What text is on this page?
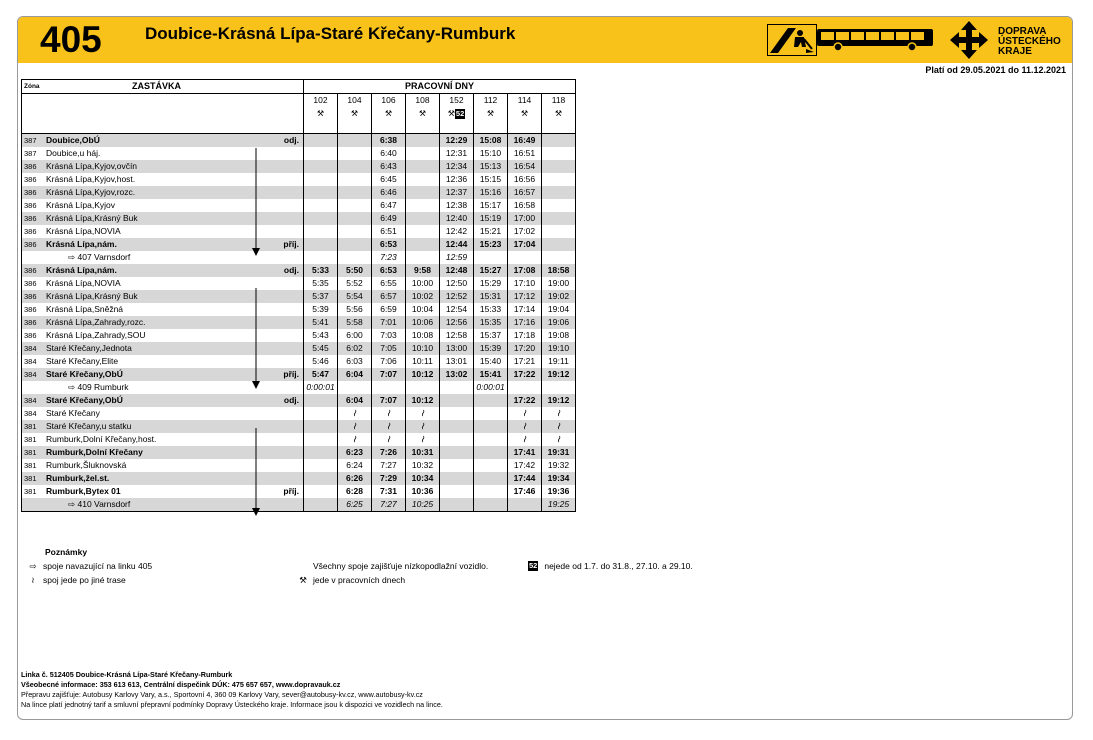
405	Doubice-Krásná Lípa-Staré Křečany-Rumburk	DOPRAVA
ÚSTECKÉHO
KRAJE
Platí od 29.05.2021 do 11.12.2021
Zóna	ZASTÁVKA		PRACOVNÍ DNY							
			102	104	106	108	152	112	114	118
			⚒	⚒	⚒	⚒	⚒52	⚒	⚒	⚒

387	Doubice,ObÚ	odj.			6:38		12:29	15:08	16:49	
387	Doubice,u háj.				6:40		12:31	15:10	16:51	
386	Krásná Lípa,Kyjov,ovčín				6:43		12:34	15:13	16:54	
386	Krásná Lípa,Kyjov,host.				6:45		12:36	15:15	16:56	
386	Krásná Lípa,Kyjov,rozc.				6:46		12:37	15:16	16:57	
386	Krásná Lípa,Kyjov				6:47		12:38	15:17	16:58	
386	Krásná Lípa,Krásný Buk				6:49		12:40	15:19	17:00	
386	Krásná Lípa,NOVIA				6:51		12:42	15:21	17:02	
386	Krásná Lípa,nám.	příj.			6:53		12:44	15:23	17:04	
	⇨ 407 Varnsdorf				7:23		12:59			
386	Krásná Lípa,nám.	odj.	5:33	5:50	6:53	9:58	12:48	15:27	17:08	18:58
386	Krásná Lípa,NOVIA		5:35	5:52	6:55	10:00	12:50	15:29	17:10	19:00
386	Krásná Lípa,Krásný Buk		5:37	5:54	6:57	10:02	12:52	15:31	17:12	19:02
386	Krásná Lípa,Sněžná		5:39	5:56	6:59	10:04	12:54	15:33	17:14	19:04
386	Krásná Lípa,Zahrady,rozc.		5:41	5:58	7:01	10:06	12:56	15:35	17:16	19:06
386	Krásná Lípa,Zahrady,SOU		5:43	6:00	7:03	10:08	12:58	15:37	17:18	19:08
384	Staré Křečany,Jednota		5:45	6:02	7:05	10:10	13:00	15:39	17:20	19:10
384	Staré Křečany,Elite		5:46	6:03	7:06	10:11	13:01	15:40	17:21	19:11
384	Staré Křečany,ObÚ	příj.	5:47	6:04	7:07	10:12	13:02	15:41	17:22	19:12
	⇨ 409 Rumburk		0:00:01					0:00:01		
384	Staré Křečany,ObÚ	odj.		6:04	7:07	10:12			17:22	19:12
384	Staré Křečany			≀	≀	≀			≀	≀
381	Staré Křečany,u statku			≀	≀	≀			≀	≀
381	Rumburk,Dolní Křečany,host.			≀	≀	≀			≀	≀
381	Rumburk,Dolní Křečany			6:23	7:26	10:31			17:41	19:31
381	Rumburk,Šluknovská			6:24	7:27	10:32			17:42	19:32
381	Rumburk,žel.st.			6:26	7:29	10:34			17:44	19:34
381	Rumburk,Bytex 01	příj.		6:28	7:31	10:36			17:46	19:36
	⇨ 410 Varnsdorf			6:25	7:27	10:25				19:25
Poznámky
⇨ spoje navazující na linku 405
≀ spoj jede po jiné trase
Všechny spoje zajišťuje nízkopodlažní vozidlo.
⚒ jede v pracovních dnech
52 nejede od 1.7. do 31.8., 27.10. a 29.10.
Linka č. 512405 Doubice-Krásná Lípa-Staré Křečany-Rumburk
Všeobecné informace: 353 613 613, Centrální dispečink DÚK: 475 657 657, www.dopravauk.cz
Přepravu zajišťuje: Autobusy Karlovy Vary, a.s., Sportovní 4, 360 09 Karlovy Vary, sever@autobusy-kv.cz, www.autobusy-kv.cz
Na lince platí jednotný tarif a smluvní přepravní podmínky Dopravy Ústeckého kraje. Informace jsou k dispozici ve vozidlech na lince.
